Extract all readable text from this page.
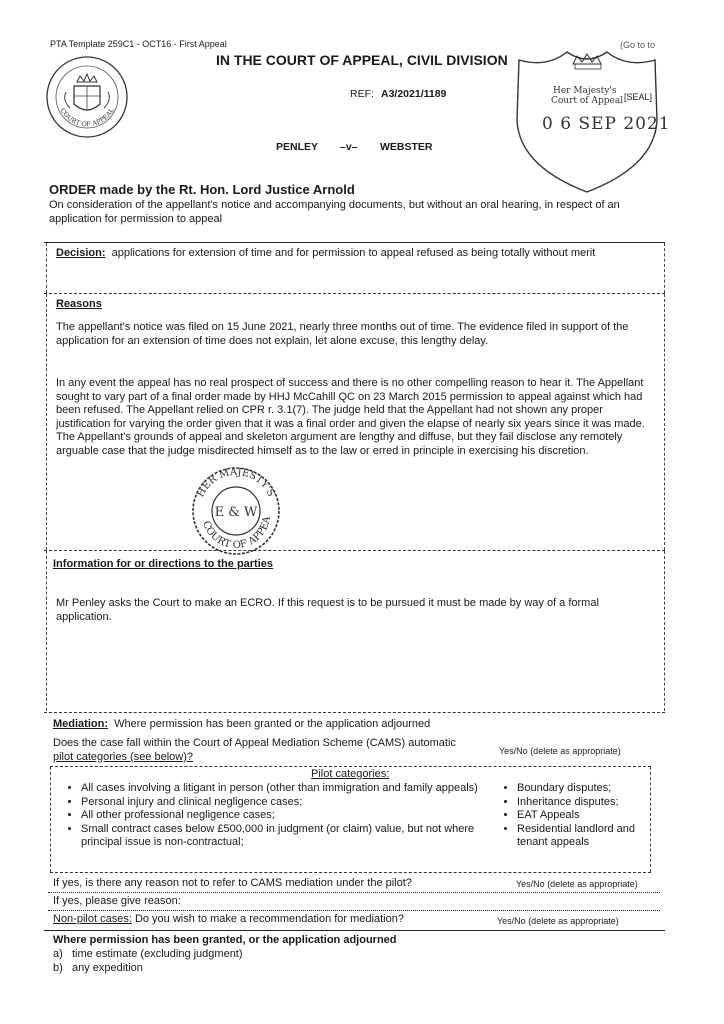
PTA Template 259C1 - OCT16 - First Appeal	(Go to to
IN THE COURT OF APPEAL, CIVIL DIVISION
COURT OF APPEAL
REF: A3/2021/1189	Her Majesty's
Court of Appeal [SEAL]
0 6 SEP 2021
PENLEY –v– WEBSTER
ORDER made by the Rt. Hon. Lord Justice Arnold
On consideration of the appellant's notice and accompanying documents, but without an oral hearing, in respect of an application for permission to appeal
Decision: applications for extension of time and for permission to appeal refused as being totally without merit
Reasons
The appellant's notice was filed on 15 June 2021, nearly three months out of time. The evidence filed in support of the application for an extension of time does not explain, let alone excuse, this lengthy delay.
In any event the appeal has no real prospect of success and there is no other compelling reason to hear it. The Appellant sought to vary part of a final order made by HHJ McCahill QC on 23 March 2015 permission to appeal against which had been refused. The Appellant relied on CPR r. 3.1(7). The judge held that the Appellant had not shown any proper justification for varying the order given that it was a final order and given the elapse of nearly six years since it was made. The Appellant's grounds of appeal and skeleton argument are lengthy and diffuse, but they fail disclose any remotely arguable case that the judge misdirected himself as to the law or erred in principle in exercising his discretion.
HER MAJESTY'S
COURT OF APPEA
E & W
Information for or directions to the parties
Mr Penley asks the Court to make an ECRO. If this request is to be pursued it must be made by way of a formal application.
Mediation: Where permission has been granted or the application adjourned
Does the case fall within the Court of Appeal Mediation Scheme (CAMS) automatic
pilot categories (see below)?	Yes/No (delete as appropriate)
Pilot categories:
• All cases involving a litigant in person (other than immigration and family appeals)
• Personal injury and clinical negligence cases;
• All other professional negligence cases;
• Small contract cases below £500,000 in judgment (or claim) value, but not where principal issue is non-contractual;
• Boundary disputes;
• Inheritance disputes;
• EAT Appeals
• Residential landlord and tenant appeals
If yes, is there any reason not to refer to CAMS mediation under the pilot?	Yes/No (delete as appropriate)
If yes, please give reason:
Non-pilot cases: Do you wish to make a recommendation for mediation?	Yes/No (delete as appropriate)
Where permission has been granted, or the application adjourned
a) time estimate (excluding judgment)
b) any expedition
